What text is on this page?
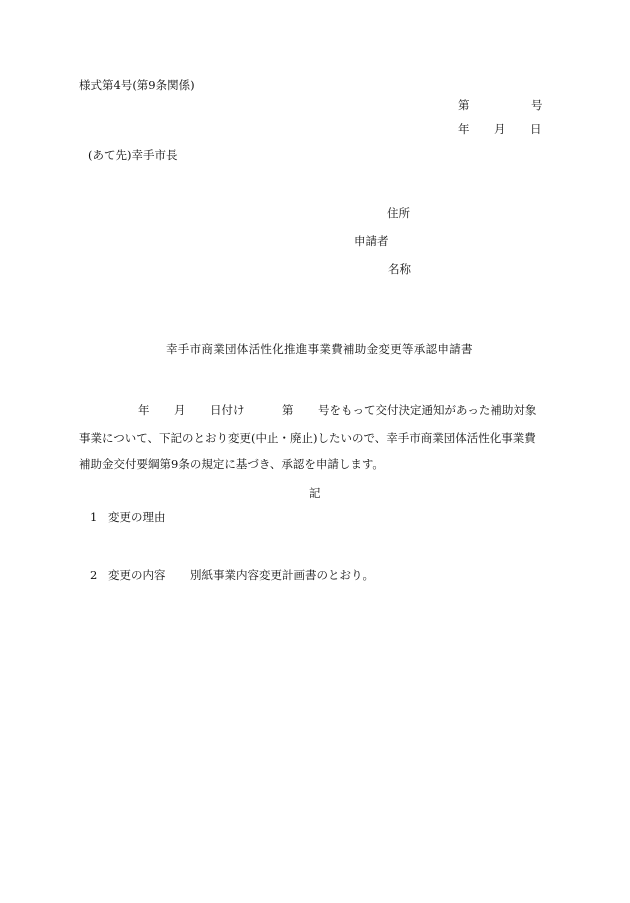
様式第4号(第9条関係)
第	号
年 月 日
(あて先)幸手市長
住所
申請者
名称
幸手市商業団体活性化推進事業費補助金変更等承認申請書
年 月 日付け	第 号をもって交付決定通知があった補助対象
事業について、下記のとおり変更(中止・廃止)したいので、幸手市商業団体活性化事業費
補助金交付要綱第9条の規定に基づき、承認を申請します。
記
1 変更の理由
2 変更の内容 別紙事業内容変更計画書のとおり。
